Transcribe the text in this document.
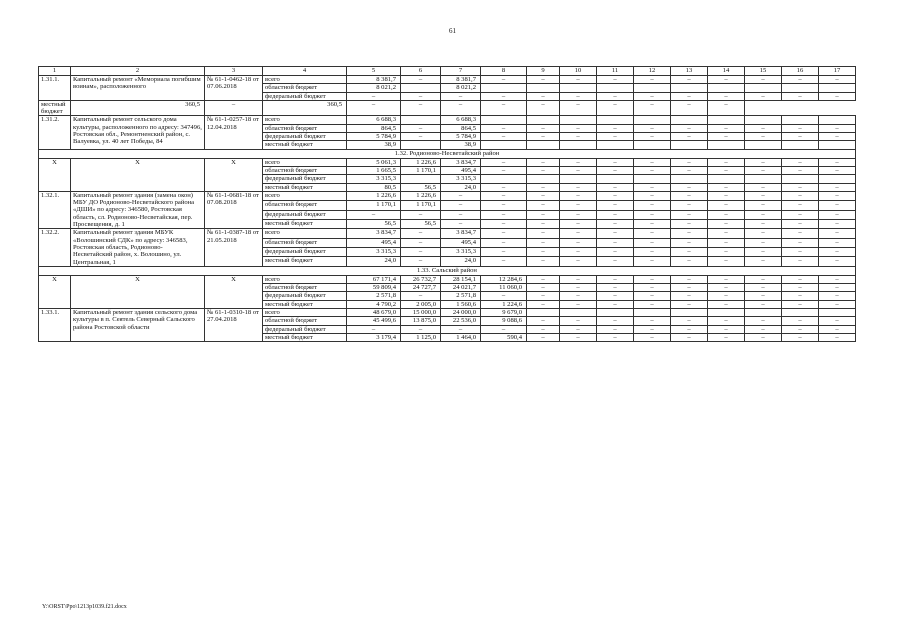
61
1	2	3	4	5	6	7	8	9	10	11	12	13	14	15	16	17
1.31.1.	Капитальный ремонт «Мемориала погибшим воинам», расположенного	№ 61-1-0462-18 от 07.06.2018	всего	8 381,7	–	8 381,7	–	–	–	–	–	–	–	–	–	–
			областной бюджет	8 021,2		8 021,2										
			федеральный бюджет	–	–	–	–	–	–	–	–	–	–	–	–	–
местный бюджет	360,5	–	360,5	–	–	–	–	–	–	–	–	–	–			
1.31.2.	Капитальный ремонт сельского дома культуры, расположенного по адресу: 347496, Ростовская обл., Ремонтненский район, с. Валуевка, ул. 40 лет Победы, 84	№ 61-1-0257-18 от 12.04.2018	всего	6 688,3		6 688,3										
			областной бюджет	864,5	–	864,5	–	–	–	–	–	–	–	–	–	–
			федеральный бюджет	5 784,9	–	5 784,9	–	–	–	–	–	–	–	–	–	–
			местный бюджет	38,9		38,9										
1.32. Родионово-Несветайский район																
X	X	X	всего	5 061,3	1 226,6	3 834,7	–	–	–	–	–	–	–	–	–	–
			областной бюджет	1 665,5	1 170,1	495,4	–	–	–	–	–	–	–	–	–	–
			федеральный бюджет	3 315,3		3 315,3										
			местный бюджет	80,5	56,5	24,0	–	–	–	–	–	–	–	–	–	–
1.32.1.	Капитальный ремонт здания (замена окон) МБУ ДО Родионово-Несветайского района «ДШИ» по адресу: 346580, Ростовская область, сл. Родионово-Несветайская, пер. Просвещения, д. 1	№ 61-1-0681-18 от 07.08.2018	всего	1 226,6	1 226,6	–	–	–	–	–	–	–	–	–	–	–
			областной бюджет	1 170,1	1 170,1	–	–	–	–	–	–	–	–	–	–	–
			федеральный бюджет	–	–	–	–	–	–	–	–	–	–	–	–	–
			местный бюджет	56,5	56,5	–	–	–	–	–	–	–	–	–	–	–
1.32.2.	Капитальный ремонт здания МБУК «Волошинский СДК» по адресу: 346583, Ростовская область, Родионово-Несветайский район, х. Волошино, ул. Центральная, 1	№ 61-1-0387-18 от 21.05.2018	всего	3 834,7	–	3 834,7	–	–	–	–	–	–	–	–	–	–
			областной бюджет	495,4	–	495,4	–	–	–	–	–	–	–	–	–	–
			федеральный бюджет	3 315,3	–	3 315,3	–	–	–	–	–	–	–	–	–	–
			местный бюджет	24,0	–	24,0	–	–	–	–	–	–	–	–	–	–
1.33. Сальский район																
X	X	X	всего	67 171,4	26 732,7	28 154,1	12 284,6	–	–	–	–	–	–	–	–	–
			областной бюджет	59 809,4	24 727,7	24 021,7	11 060,0	–	–	–	–	–	–	–	–	–
			федеральный бюджет	2 571,8	–	2 571,8	–	–	–	–	–	–	–	–	–	–
			местный бюджет	4 790,2	2 005,0	1 560,6	1 224,6	–	–	–	–	–	–	–	–	–
1.33.1.	Капитальный ремонт здания сельского дома культуры в п. Сеятель Северный Сальского района Ростовской области	№ 61-1-0310-18 от 27.04.2018	всего	48 679,0	15 000,0	24 000,0	9 679,0									
			областной бюджет	45 499,6	13 875,0	22 536,0	9 088,6	–	–	–	–	–	–	–	–	–
			федеральный бюджет	–	–	–	–	–	–	–	–	–	–	–	–	–
			местный бюджет	3 179,4	1 125,0	1 464,0	590,4	–	–	–	–	–	–	–	–	–
Y:\ORST\Ppo\1213p1039.f21.docx
